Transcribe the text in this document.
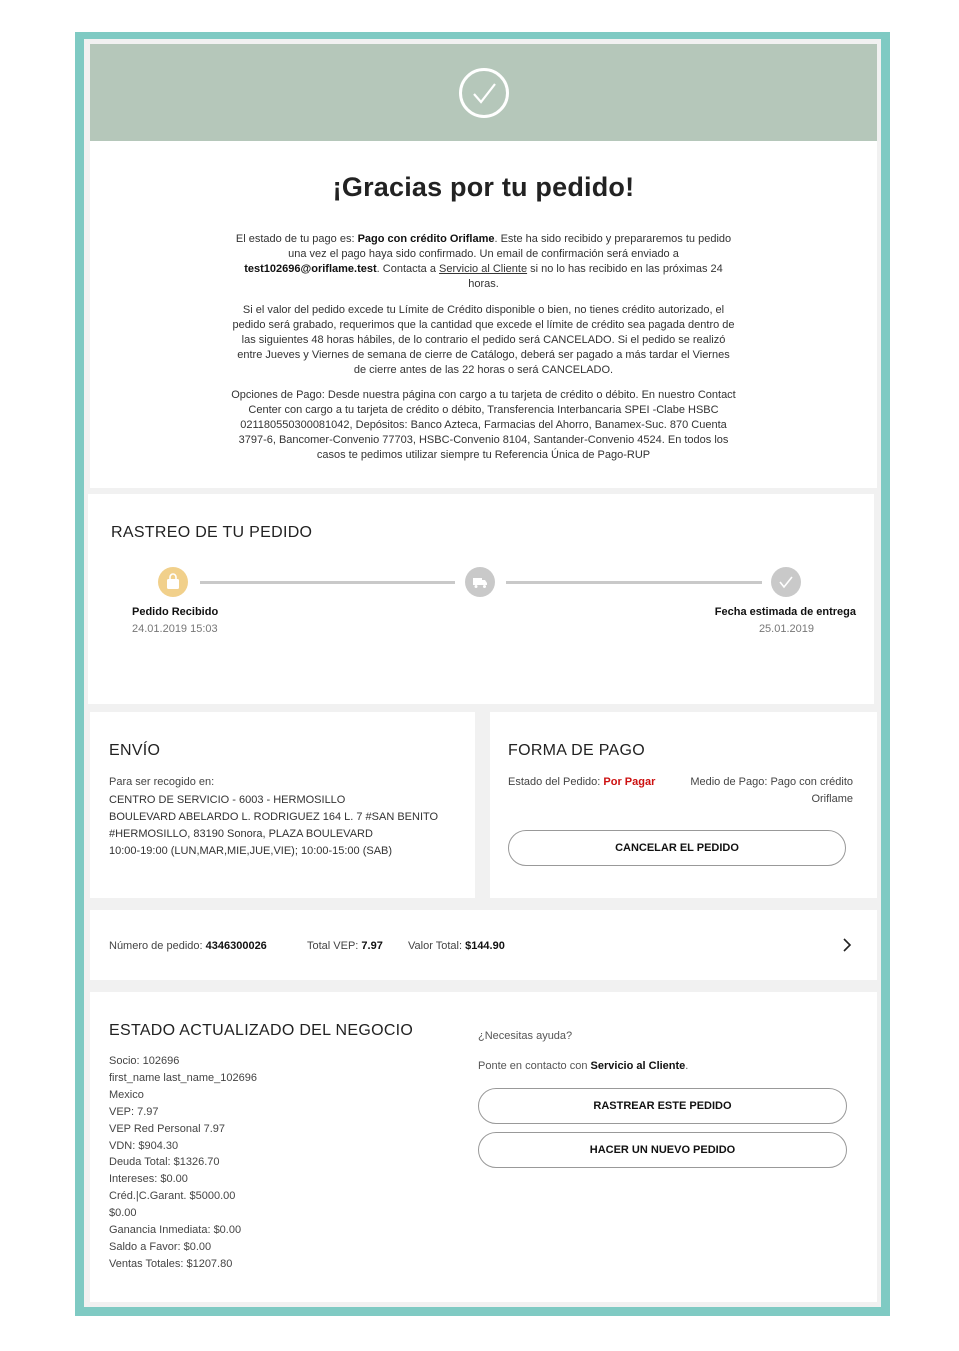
¡Gracias por tu pedido!

El estado de tu pago es: Pago con crédito Oriflame. Este ha sido recibido y prepararemos tu pedido una vez el pago haya sido confirmado. Un email de confirmación será enviado a test102696@oriflame.test. Contacta a Servicio al Cliente si no lo has recibido en las próximas 24 horas.

Si el valor del pedido excede tu Límite de Crédito disponible o bien, no tienes crédito autorizado, el pedido será grabado, requerimos que la cantidad que excede el límite de crédito sea pagada dentro de las siguientes 48 horas hábiles, de lo contrario el pedido será CANCELADO. Si el pedido se realizó entre Jueves y Viernes de semana de cierre de Catálogo, deberá ser pagado a más tardar el Viernes de cierre antes de las 22 horas o será CANCELADO.

Opciones de Pago: Desde nuestra página con cargo a tu tarjeta de crédito o débito. En nuestro Contact Center con cargo a tu tarjeta de crédito o débito, Transferencia Interbancaria SPEI -Clabe HSBC 021180550300081042, Depósitos: Banco Azteca, Farmacias del Ahorro, Banamex-Suc. 870 Cuenta 3797-6, Bancomer-Convenio 77703, HSBC-Convenio 8104, Santander-Convenio 4524. En todos los casos te pedimos utilizar siempre tu Referencia Única de Pago-RUP

RASTREO DE TU PEDIDO
Pedido Recibido
24.01.2019 15:03
Fecha estimada de entrega
25.01.2019
ENVÍO
Para ser recogido en:
CENTRO DE SERVICIO - 6003 - HERMOSILLO
BOULEVARD ABELARDO L. RODRIGUEZ 164 L. 7 #SAN BENITO
#HERMOSILLO, 83190 Sonora, PLAZA BOULEVARD
10:00-19:00 (LUN,MAR,MIE,JUE,VIE); 10:00-15:00 (SAB)
FORMA DE PAGO
Estado del Pedido: Por Pagar	Medio de Pago: Pago con crédito Oriflame
CANCELAR EL PEDIDO
Número de pedido: 4346300026	Total VEP: 7.97 Valor Total: $144.90
ESTADO ACTUALIZADO DEL NEGOCIO
Socio: 102696
first_name last_name_102696
Mexico
VEP: 7.97
VEP Red Personal 7.97
VDN: $904.30
Deuda Total: $1326.70
Intereses: $0.00
Créd.|C.Garant. $5000.00
$0.00
Ganancia Inmediata: $0.00
Saldo a Favor: $0.00
Ventas Totales: $1207.80
¿Necesitas ayuda?
Ponte en contacto con Servicio al Cliente.
RASTREAR ESTE PEDIDO
HACER UN NUEVO PEDIDO
